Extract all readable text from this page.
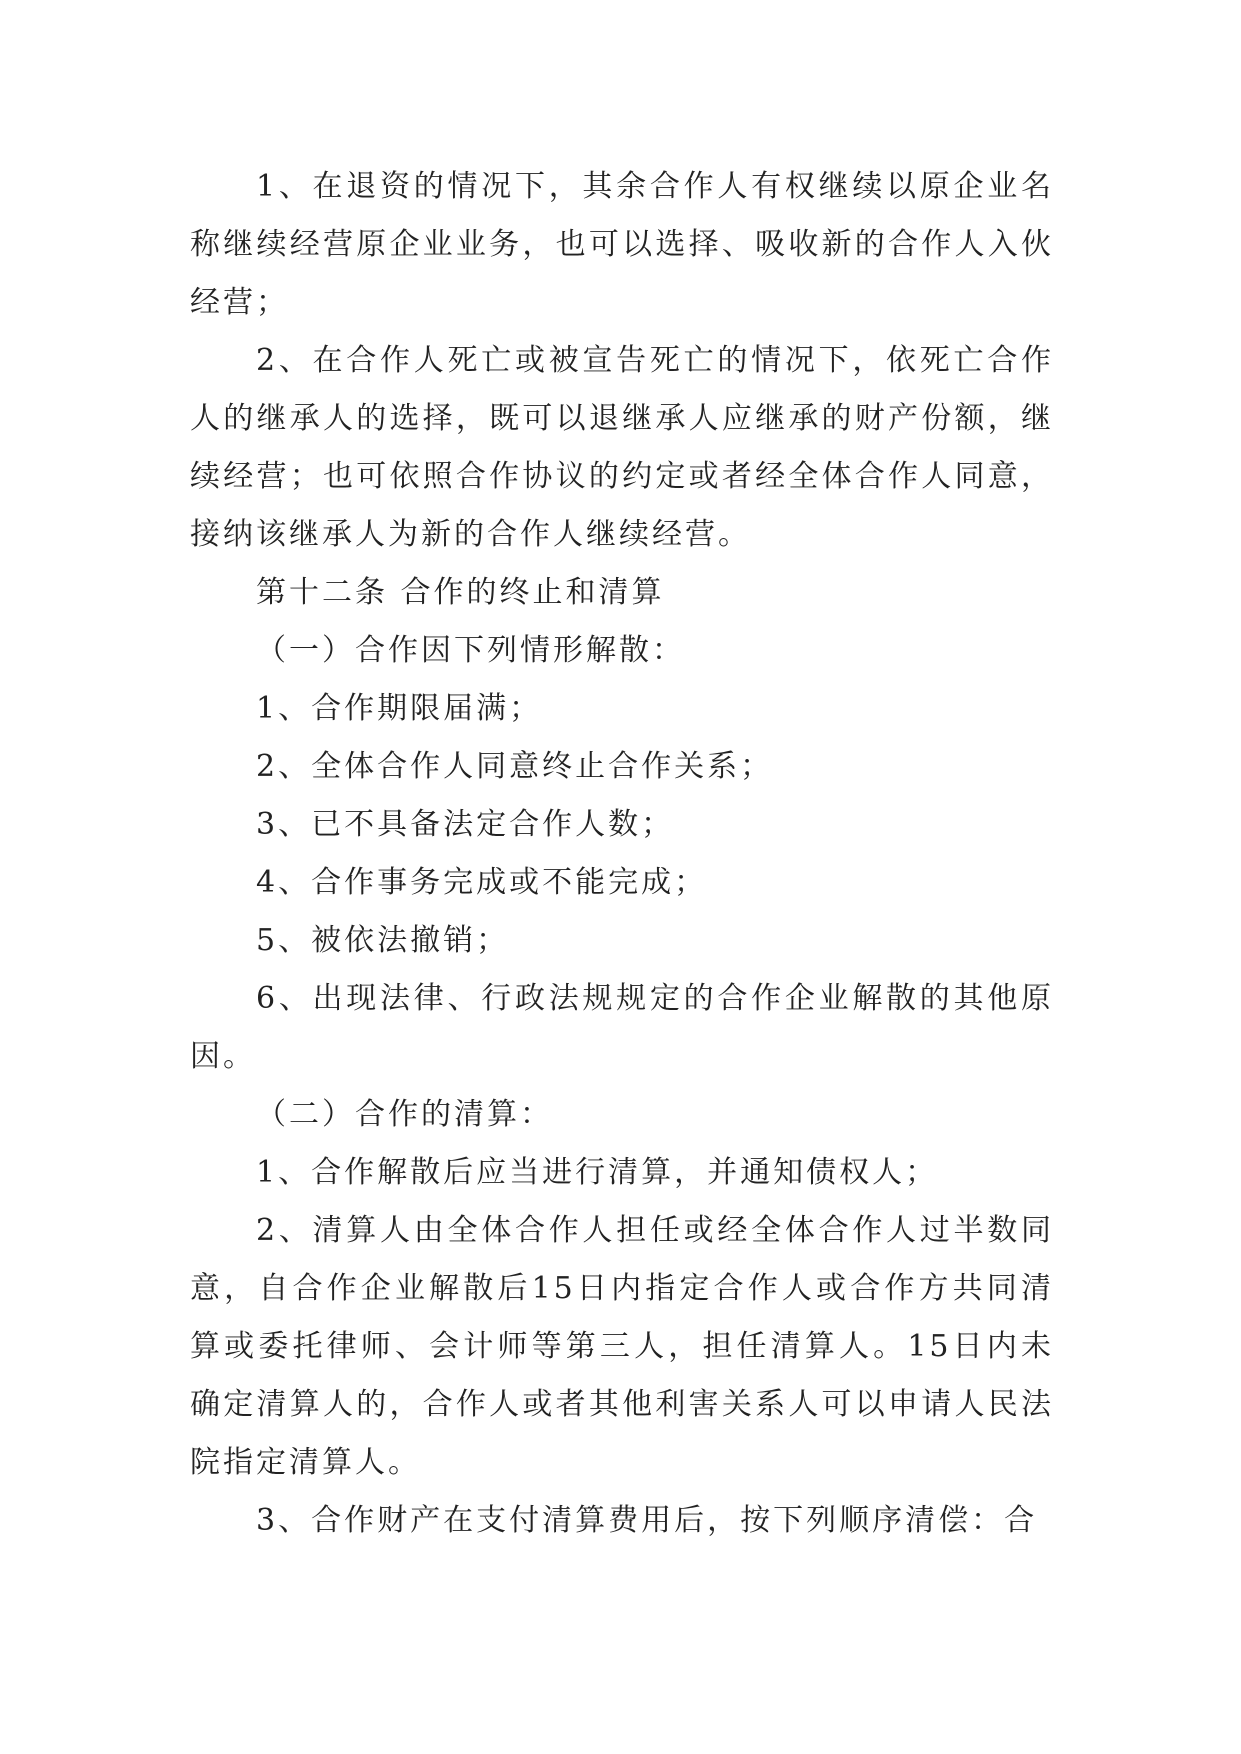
1、在退资的情况下，其余合作人有权继续以原企业名称继续经营原企业业务，也可以选择、吸收新的合作人入伙经营；

2、在合作人死亡或被宣告死亡的情况下，依死亡合作人的继承人的选择，既可以退继承人应继承的财产份额，继续经营；也可依照合作协议的约定或者经全体合作人同意，接纳该继承人为新的合作人继续经营。

第十二条 合作的终止和清算

（一）合作因下列情形解散：

1、合作期限届满；

2、全体合作人同意终止合作关系；

3、已不具备法定合作人数；

4、合作事务完成或不能完成；

5、被依法撤销；

6、出现法律、行政法规规定的合作企业解散的其他原因。

（二）合作的清算：

1、合作解散后应当进行清算，并通知债权人；

2、清算人由全体合作人担任或经全体合作人过半数同意，自合作企业解散后15日内指定合作人或合作方共同清算或委托律师、会计师等第三人，担任清算人。15日内未确定清算人的，合作人或者其他利害关系人可以申请人民法院指定清算人。

3、合作财产在支付清算费用后，按下列顺序清偿：合
